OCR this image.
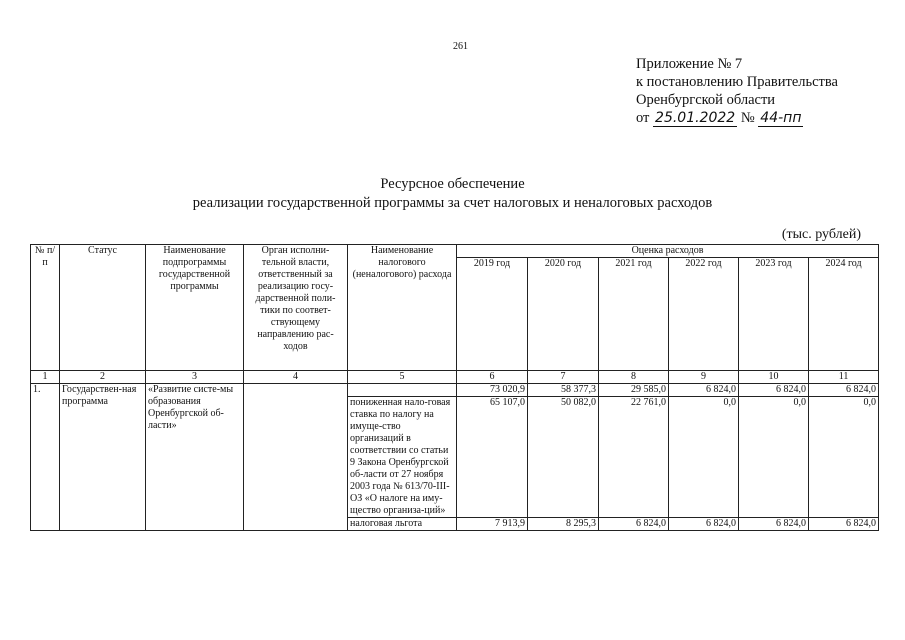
261
Приложение № 7
к постановлению Правительства
Оренбургской области
от 25.01.2022 № 44-пп
Ресурсное обеспечение
реализации государственной программы за счет налоговых и неналоговых расходов
(тыс. рублей)
№ п/п	Статус	Наименование подпрограммы государственной программы	Орган исполни-тельной власти, ответственный за реализацию госу-дарственной поли-тики по соответ-ствующему направлению рас-ходов	Наименование налогового (неналогового) расхода	Оценка расходов					
					2019 год	2020 год	2021 год	2022 год	2023 год	2024 год
1	2	3	4	5	6	7	8	9	10	11
1.	Государствен-ная программа	«Развитие систе-мы образования Оренбургской об-ласти»			73 020,9	58 377,3	29 585,0	6 824,0	6 824,0	6 824,0
				пониженная нало-говая ставка по налогу на имуще-ство организаций в соответствии со статьи 9 Закона Оренбургской об-ласти от 27 ноября 2003 года № 613/70-III-ОЗ «О налоге на иму-щество организа-ций»	65 107,0	50 082,0	22 761,0	0,0	0,0	0,0
				налоговая льгота	7 913,9	8 295,3	6 824,0	6 824,0	6 824,0	6 824,0
